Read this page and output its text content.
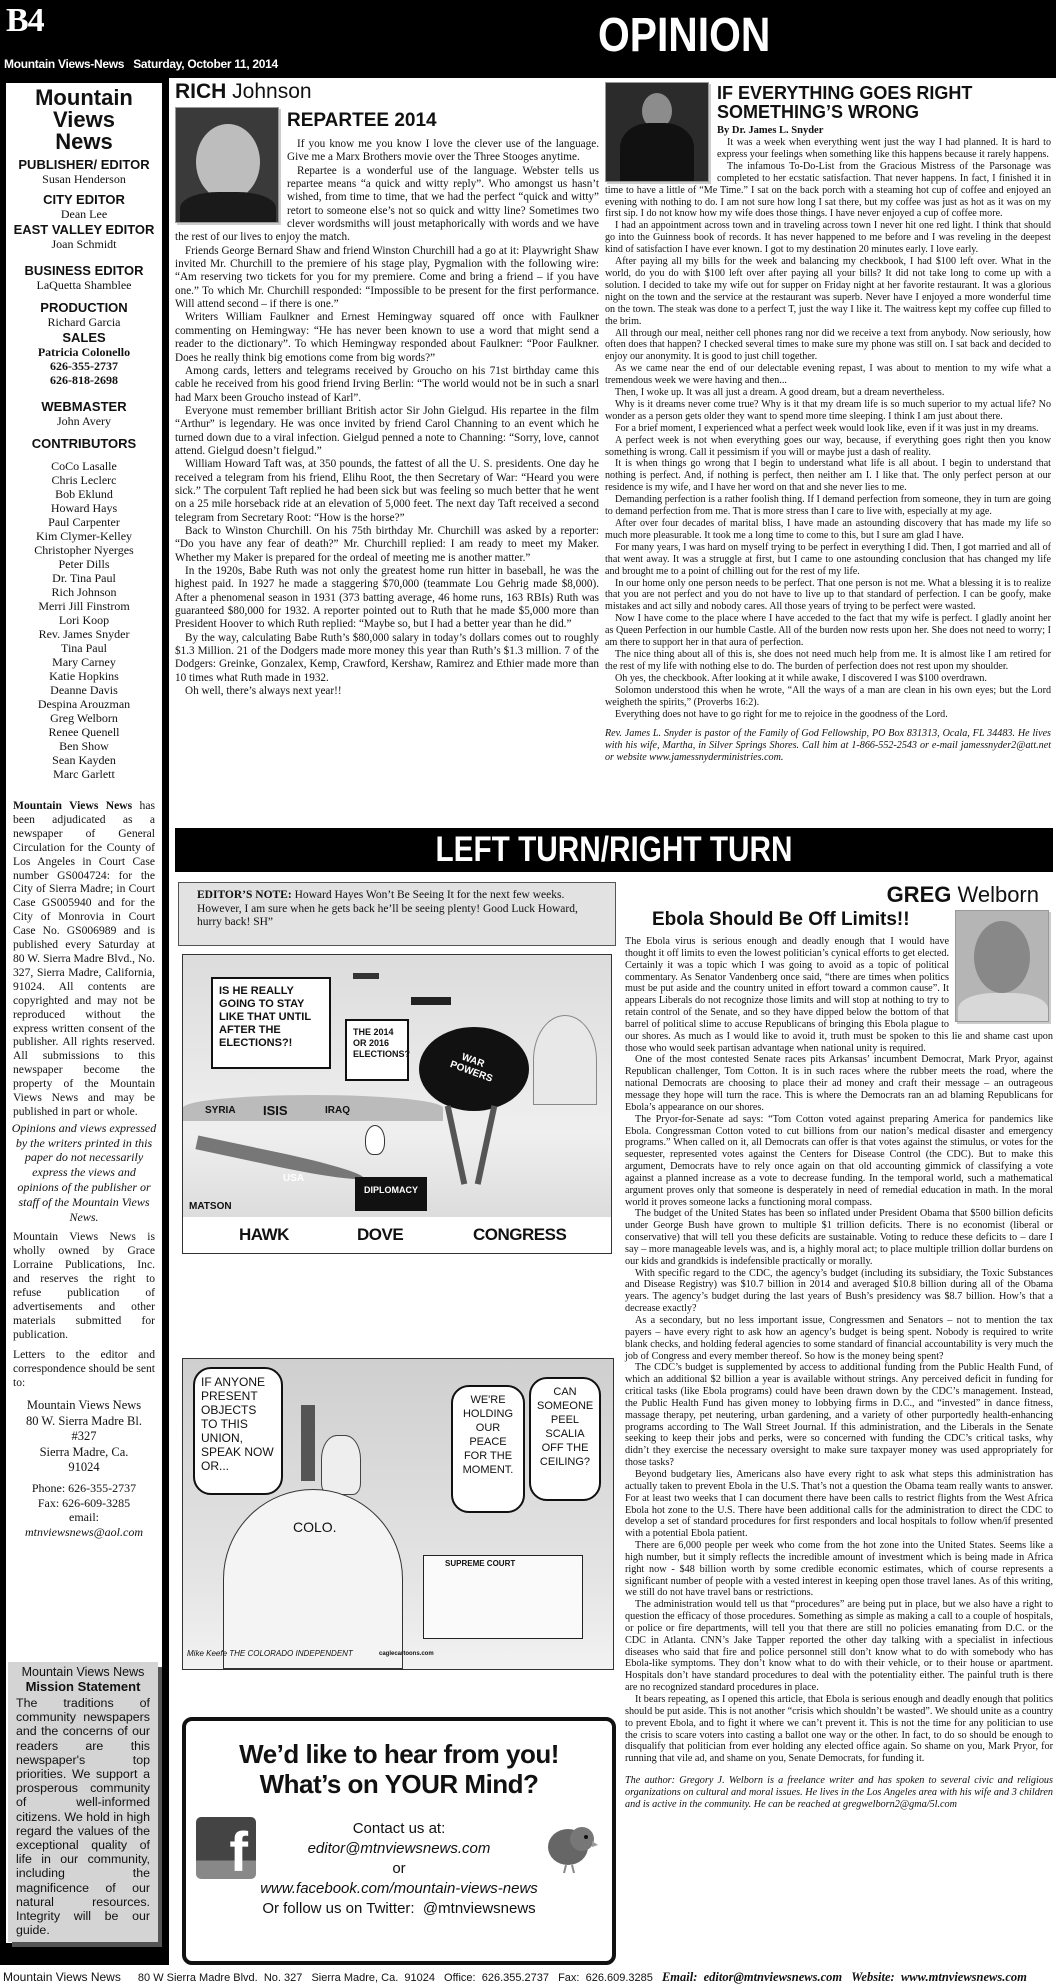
B4
Mountain Views-News   Saturday, October 11, 2014
OPINION
Mountain
Views
News
PUBLISHER/ EDITOR
Susan Henderson
CITY EDITOR
Dean Lee
EAST VALLEY EDITOR
Joan Schmidt
BUSINESS EDITOR
LaQuetta Shamblee
PRODUCTION
Richard Garcia
SALES
Patricia Colonello
626-355-2737
626-818-2698
WEBMASTER
John Avery
CONTRIBUTORS
CoCo Lasalle
Chris Leclerc
Bob Eklund
Howard Hays
Paul Carpenter
Kim Clymer-Kelley
Christopher Nyerges
Peter Dills
Dr. Tina Paul
Rich Johnson
Merri Jill Finstrom
Lori Koop
Rev. James Snyder
Tina Paul
Mary Carney
Katie Hopkins
Deanne Davis
Despina Arouzman
Greg Welborn
Renee Quenell
Ben Show
Sean Kayden
Marc Garlett
Mountain Views News has been adjudicated as a newspaper of General Circulation for the County of Los Angeles in Court Case number GS004724: for the City of Sierra Madre; in Court Case GS005940 and for the City of Monrovia in Court Case No. GS006989 and is published every Saturday at 80 W. Sierra Madre Blvd., No. 327, Sierra Madre, California, 91024. All contents are copyrighted and may not be reproduced without the express written consent of the publisher. All rights reserved. All submissions to this newspaper become the property of the Mountain Views News and may be published in part or whole.
Opinions and views expressed by the writers printed in this paper do not necessarily express the views and opinions of the publisher or staff of the Mountain Views News.
Mountain Views News is wholly owned by Grace Lorraine Publications, Inc. and reserves the right to refuse publication of advertisements and other materials submitted for publication.
Letters to the editor and correspondence should be sent to:
Mountain Views News
80 W. Sierra Madre Bl.
#327
Sierra Madre, Ca.
91024
Phone: 626-355-2737
Fax: 626-609-3285
email:
mtnviewsnews@aol.com
Mountain Views News
Mission Statement
The traditions of community newspapers and the concerns of our readers are this newspaper's top priorities. We support a prosperous community of well-informed citizens. We hold in high regard the values of the exceptional quality of life in our community, including the magnificence of our natural resources. Integrity will be our guide.
RICH Johnson
REPARTEE 2014

If you know me you know I love the clever use of the language. Give me a Marx Brothers movie over the Three Stooges anytime.

Repartee is a wonderful use of the language. Webster tells us repartee means “a quick and witty reply”. Who amongst us hasn’t wished, from time to time, that we had the perfect “quick and witty” retort to someone else’s not so quick and witty line? Sometimes two clever wordsmiths will joust metaphorically with words and we have the rest of our lives to enjoy the match.

Friends George Bernard Shaw and friend Winston Churchill had a go at it: Playwright Shaw invited Mr. Churchill to the premiere of his stage play, Pygmalion with the following wire: “Am reserving two tickets for you for my premiere. Come and bring a friend – if you have one.” To which Mr. Churchill responded: “Impossible to be present for the first performance. Will attend second – if there is one.”

Writers William Faulkner and Ernest Hemingway squared off once with Faulkner commenting on Hemingway: “He has never been known to use a word that might send a reader to the dictionary”. To which Hemingway responded about Faulkner: “Poor Faulkner. Does he really think big emotions come from big words?”

Among cards, letters and telegrams received by Groucho on his 71st birthday came this cable he received from his good friend Irving Berlin: “The world would not be in such a snarl had Marx been Groucho instead of Karl”.

Everyone must remember brilliant British actor Sir John Gielgud. His repartee in the film “Arthur” is legendary. He was once invited by friend Carol Channing to an event which he turned down due to a viral infection. Gielgud penned a note to Channing: “Sorry, love, cannot attend. Gielgud doesn’t fielgud.”

William Howard Taft was, at 350 pounds, the fattest of all the U. S. presidents. One day he received a telegram from his friend, Elihu Root, the then Secretary of War: “Heard you were sick.” The corpulent Taft replied he had been sick but was feeling so much better that he went on a 25 mile horseback ride at an elevation of 5,000 feet. The next day Taft received a second telegram from Secretary Root: “How is the horse?”

Back to Winston Churchill. On his 75th birthday Mr. Churchill was asked by a reporter: “Do you have any fear of death?” Mr. Churchill replied: I am ready to meet my Maker. Whether my Maker is prepared for the ordeal of meeting me is another matter.”

In the 1920s, Babe Ruth was not only the greatest home run hitter in baseball, he was the highest paid. In 1927 he made a staggering $70,000 (teammate Lou Gehrig made $8,000). After a phenomenal season in 1931 (373 batting average, 46 home runs, 163 RBIs) Ruth was guaranteed $80,000 for 1932. A reporter pointed out to Ruth that he made $5,000 more than President Hoover to which Ruth replied: “Maybe so, but I had a better year than he did.”

By the way, calculating Babe Ruth’s $80,000 salary in today’s dollars comes out to roughly $1.3 Million. 21 of the Dodgers made more money this year than Ruth’s $1.3 million. 7 of the Dodgers: Greinke, Gonzalex, Kemp, Crawford, Kershaw, Ramirez and Ethier made more than 10 times what Ruth made in 1932.

Oh well, there’s always next year!!

IF EVERYTHING GOES RIGHT
SOMETHING’S WRONG
By Dr. James L. Snyder

It was a week when everything went just the way I had planned. It is hard to express your feelings when something like this happens because it rarely happens.

The infamous To-Do-List from the Gracious Mistress of the Parsonage was completed to her ecstatic satisfaction. That never happens. In fact, I finished it in time to have a little of “Me Time.” I sat on the back porch with a steaming hot cup of coffee and enjoyed an evening with nothing to do. I am not sure how long I sat there, but my coffee was just as hot as it was on my first sip. I do not know how my wife does those things. I have never enjoyed a cup of coffee more.

I had an appointment across town and in traveling across town I never hit one red light. I think that should go into the Guinness book of records. It has never happened to me before and I was reveling in the deepest kind of satisfaction I have ever known. I got to my destination 20 minutes early. I love early.

After paying all my bills for the week and balancing my checkbook, I had $100 left over. What in the world, do you do with $100 left over after paying all your bills? It did not take long to come up with a solution. I decided to take my wife out for supper on Friday night at her favorite restaurant. It was a glorious night on the town and the service at the restaurant was superb. Never have I enjoyed a more wonderful time on the town. The steak was done to a perfect T, just the way I like it. The waitress kept my coffee cup filled to the brim.

All through our meal, neither cell phones rang nor did we receive a text from anybody. Now seriously, how often does that happen? I checked several times to make sure my phone was still on. I sat back and decided to enjoy our anonymity. It is good to just chill together.

As we came near the end of our delectable evening repast, I was about to mention to my wife what a tremendous week we were having and then...

Then, I woke up. It was all just a dream. A good dream, but a dream nevertheless.

Why is it dreams never come true? Why is it that my dream life is so much superior to my actual life? No wonder as a person gets older they want to spend more time sleeping. I think I am just about there.

For a brief moment, I experienced what a perfect week would look like, even if it was just in my dreams.

A perfect week is not when everything goes our way, because, if everything goes right then you know something is wrong. Call it pessimism if you will or maybe just a dash of reality.

It is when things go wrong that I begin to understand what life is all about. I begin to understand that nothing is perfect. And, if nothing is perfect, then neither am I. I like that. The only perfect person at our residence is my wife, and I have her word on that and she never lies to me.

Demanding perfection is a rather foolish thing. If I demand perfection from someone, they in turn are going to demand perfection from me. That is more stress than I care to live with, especially at my age.

After over four decades of marital bliss, I have made an astounding discovery that has made my life so much more pleasurable. It took me a long time to come to this, but I sure am glad I have.

For many years, I was hard on myself trying to be perfect in everything I did. Then, I got married and all of that went away. It was a struggle at first, but I came to one astounding conclusion that has changed my life and brought me to a point of chilling out for the rest of my life.

In our home only one person needs to be perfect. That one person is not me. What a blessing it is to realize that you are not perfect and you do not have to live up to that standard of perfection. I can be goofy, make mistakes and act silly and nobody cares. All those years of trying to be perfect were wasted.

Now I have come to the place where I have acceded to the fact that my wife is perfect. I gladly anoint her as Queen Perfection in our humble Castle. All of the burden now rests upon her. She does not need to worry; I am there to support her in that aura of perfection.

The nice thing about all of this is, she does not need much help from me. It is almost like I am retired for the rest of my life with nothing else to do. The burden of perfection does not rest upon my shoulder.

Oh yes, the checkbook. After looking at it while awake, I discovered I was $100 overdrawn.

Solomon understood this when he wrote, “All the ways of a man are clean in his own eyes; but the Lord weigheth the spirits,” (Proverbs 16:2).

Everything does not have to go right for me to rejoice in the goodness of the Lord.

Rev. James L. Snyder is pastor of the Family of God Fellowship, PO Box 831313, Ocala, FL 34483. He lives with his wife, Martha, in Silver Springs Shores. Call him at 1-866-552-2543 or e-mail jamessnyder2@att.net or website www.jamessnyderministries.com.
LEFT TURN/RIGHT TURN
EDITOR’S NOTE: Howard Hayes Won’t Be Seeing It for the next few weeks. However, I am sure when he gets back he’ll be seeing plenty! Good Luck Howard, hurry back! SH”
IS HE REALLY GOING TO STAY LIKE THAT UNTIL AFTER THE ELECTIONS?!
THE 2014 OR 2016 ELECTIONS?
SYRIA ISIS	IRAQ
WAR POWERS
USA
DIPLOMACY
MATSON
HAWK	DOVE	CONGRESS
IF ANYONE PRESENT OBJECTS TO THIS UNION, SPEAK NOW OR...
COLO.
WE'RE HOLDING OUR PEACE FOR THE MOMENT.
CAN SOMEONE PEEL SCALIA OFF THE CEILING?
SUPREME COURT
Mike Keefe THE COLORADO INDEPENDENT	caglecartoons.com
We’d like to hear from you!
What’s on YOUR Mind?
f	Contact us at:
editor@mtnviewsnews.com
or
www.facebook.com/mountain-views-news
Or follow us on Twitter:  @mtnviewsnews
GREG Welborn
Ebola Should Be Off Limits!!

The Ebola virus is serious enough and deadly enough that I would have thought it off limits to even the lowest politician’s cynical efforts to get elected. Certainly it was a topic which I was going to avoid as a topic of political commentary. As Senator Vandenberg once said, “there are times when politics must be put aside and the country united in effort toward a common cause”. It appears Liberals do not recognize those limits and will stop at nothing to try to retain control of the Senate, and so they have dipped below the bottom of that barrel of political slime to accuse Republicans of bringing this Ebola plague to our shores. As much as I would like to avoid it, truth must be spoken to this lie and shame cast upon those who would seek partisan advantage when national unity is required.

One of the most contested Senate races pits Arkansas’ incumbent Democrat, Mark Pryor, against Republican challenger, Tom Cotton. It is in such races where the rubber meets the road, where the national Democrats are choosing to place their ad money and craft their message – an outrageous message they hope will turn the race. This is where the Democrats ran an ad blaming Republicans for Ebola’s appearance on our shores.

The Pryor-for-Senate ad says: “Tom Cotton voted against preparing America for pandemics like Ebola. Congressman Cotton voted to cut billions from our nation’s medical disaster and emergency programs.” When called on it, all Democrats can offer is that votes against the stimulus, or votes for the sequester, represented votes against the Centers for Disease Control (the CDC). But to make this argument, Democrats have to rely once again on that old accounting gimmick of classifying a vote against a planned increase as a vote to decrease funding. In the temporal world, such a mathematical argument proves only that someone is desperately in need of remedial education in math. In the moral world it proves someone lacks a functioning moral compass.

The budget of the United States has been so inflated under President Obama that $500 billion deficits under George Bush have grown to multiple $1 trillion deficits. There is no economist (liberal or conservative) that will tell you these deficits are sustainable. Voting to reduce these deficits to – dare I say – more manageable levels was, and is, a highly moral act; to place multiple trillion dollar burdens on our kids and grandkids is indefensible practically or morally.

With specific regard to the CDC, the agency’s budget (including its subsidiary, the Toxic Substances and Disease Registry) was $10.7 billion in 2014 and averaged $10.8 billion during all of the Obama years. The agency’s budget during the last years of Bush’s presidency was $8.7 billion. How’s that a decrease exactly?

As a secondary, but no less important issue, Congressmen and Senators – not to mention the tax payers – have every right to ask how an agency’s budget is being spent. Nobody is required to write blank checks, and holding federal agencies to some standard of financial accountability is very much the job of Congress and every member thereof. So how is the money being spent?

The CDC’s budget is supplemented by access to additional funding from the Public Health Fund, of which an additional $2 billion a year is available without strings. Any perceived deficit in funding for critical tasks (like Ebola programs) could have been drawn down by the CDC’s management. Instead, the Public Health Fund has given money to lobbying firms in D.C., and “invested” in dance fitness, massage therapy, pet neutering, urban gardening, and a variety of other purportedly health-enhancing programs according to The Wall Street Journal. If this administration, and the Liberals in the Senate seeking to keep their jobs and perks, were so concerned with funding the CDC’s critical tasks, why didn’t they exercise the necessary oversight to make sure taxpayer money was used appropriately for those tasks?

Beyond budgetary lies, Americans also have every right to ask what steps this administration has actually taken to prevent Ebola in the U.S. That’s not a question the Obama team really wants to answer. For at least two weeks that I can document there have been calls to restrict flights from the West Africa Ebola hot zone to the U.S. There have been additional calls for the administration to direct the CDC to develop a set of standard procedures for first responders and local hospitals to follow when/if presented with a potential Ebola patient.

There are 6,000 people per week who come from the hot zone into the United States. Seems like a high number, but it simply reflects the incredible amount of investment which is being made in Africa right now - $48 billion worth by some credible economic estimates, which of course represents a significant number of people with a vested interest in keeping open those travel lanes. As of this writing, we still do not have travel bans or restrictions.

The administration would tell us that “procedures” are being put in place, but we also have a right to question the efficacy of those procedures. Something as simple as making a call to a couple of hospitals, or police or fire departments, will tell you that there are still no policies emanating from D.C. or the CDC in Atlanta. CNN’s Jake Tapper reported the other day talking with a specialist in infectious diseases who said that fire and police personnel still don’t know what to do with somebody who has Ebola-like symptoms. They don’t know what to do with their vehicle, or to their house or apartment. Hospitals don’t have standard procedures to deal with the potentiality either. The painful truth is there are no recognized standard procedures in place.

It bears repeating, as I opened this article, that Ebola is serious enough and deadly enough that politics should be put aside. This is not another “crisis which shouldn’t be wasted”. We should unite as a country to prevent Ebola, and to fight it where we can’t prevent it. This is not the time for any politician to use the crisis to scare voters into casting a ballot one way or the other. In fact, to do so should be enough to disqualify that politician from ever holding any elected office again. So shame on you, Mark Pryor, for running that vile ad, and shame on you, Senate Democrats, for funding it.

The author: Gregory J. Welborn is a freelance writer and has spoken to several civic and religious organizations on cultural and moral issues. He lives in the Los Angeles area with his wife and 3 children and is active in the community. He can be reached at gregwelborn2@gma/5l.com
Mountain Views News 80 W Sierra Madre Blvd.  No. 327 Sierra Madre, Ca.  91024 Office:  626.355.2737 Fax:  626.609.3285 Email:  editor@mtnviewsnews.com Website:  www.mtnviewsnews.com
